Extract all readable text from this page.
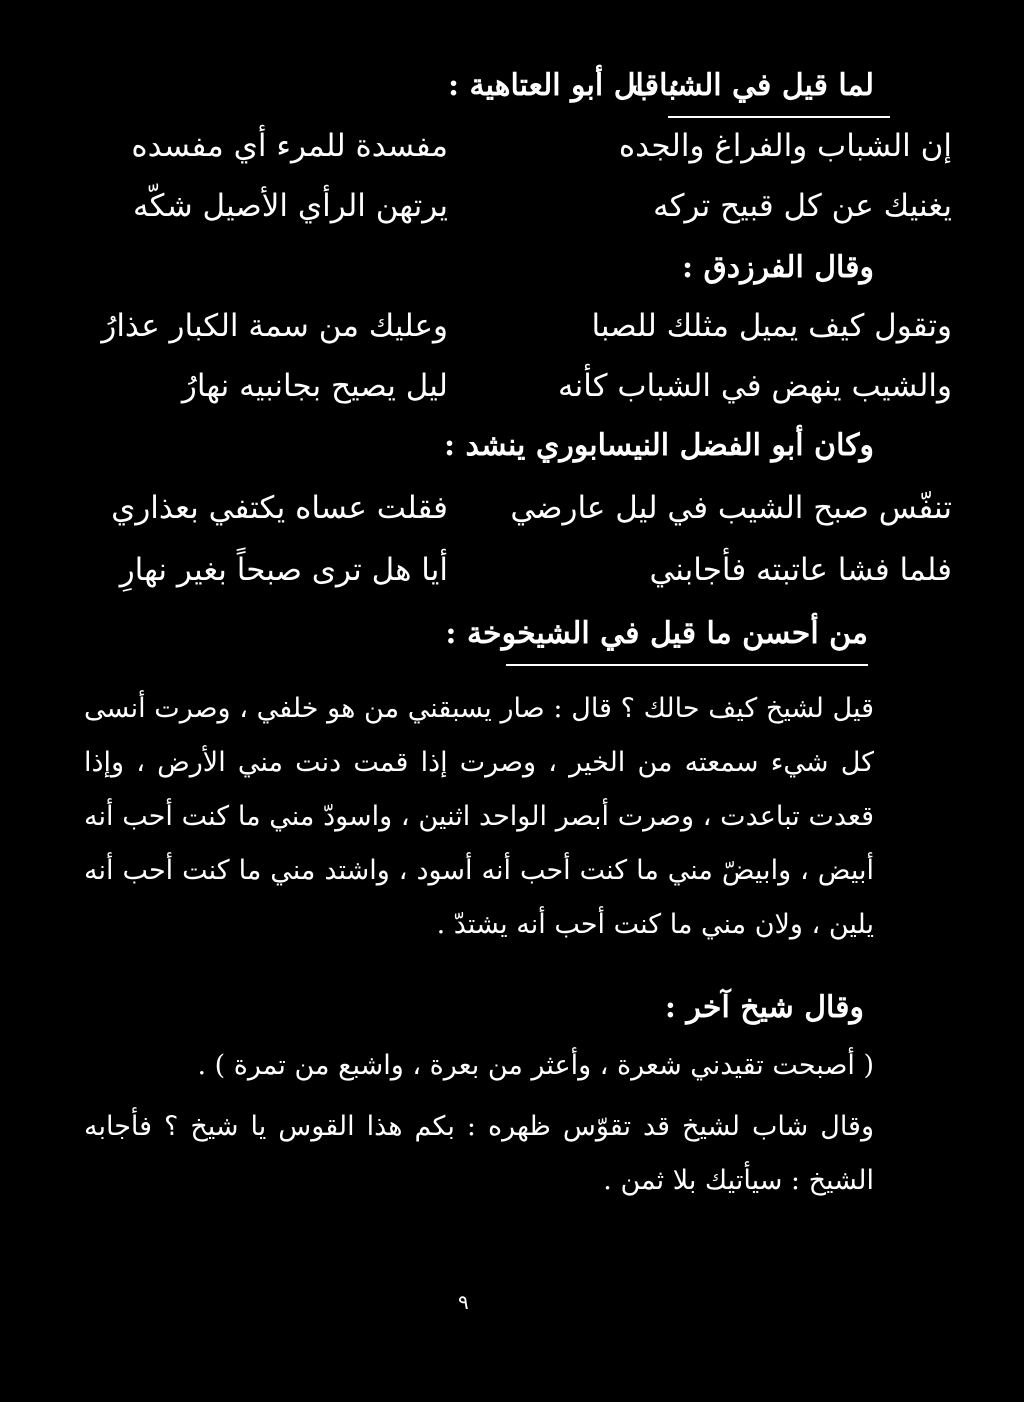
لما قيل في الشباب
: قال أبو العتاهية :
إن الشباب والفراغ والجده
مفسدة للمرء أي مفسده
يغنيك عن كل قبيح تركه
يرتهن الرأي الأصيل شكّه
وقال الفرزدق :
وتقول كيف يميل مثلك للصبا
وعليك من سمة الكبار عذارُ
والشيب ينهض في الشباب كأنه
ليل يصيح بجانبيه نهارُ
وكان أبو الفضل النيسابوري ينشد :
تنفّس صبح الشيب في ليل عارضي
فقلت عساه يكتفي بعذاري
فلما فشا عاتبته فأجابني
أيا هل ترى صبحاً بغير نهارِ
من أحسن ما قيل في الشيخوخة :
قيل لشيخ كيف حالك ؟ قال : صار يسبقني من هو خلفي ، وصرت أنسى كل شيء سمعته من الخير ، وصرت إذا قمت دنت مني الأرض ، وإذا قعدت تباعدت ، وصرت أبصر الواحد اثنين ، واسودّ مني ما كنت أحب أنه أبيض ، وابيضّ مني ما كنت أحب أنه أسود ، واشتد مني ما كنت أحب أنه يلين ، ولان مني ما كنت أحب أنه يشتدّ .
وقال شيخ آخر :
( أصبحت تقيدني شعرة ، وأعثر من بعرة ، واشبع من تمرة ) .
وقال شاب لشيخ قد تقوّس ظهره : بكم هذا القوس يا شيخ ؟ فأجابه الشيخ : سيأتيك بلا ثمن .
٩
